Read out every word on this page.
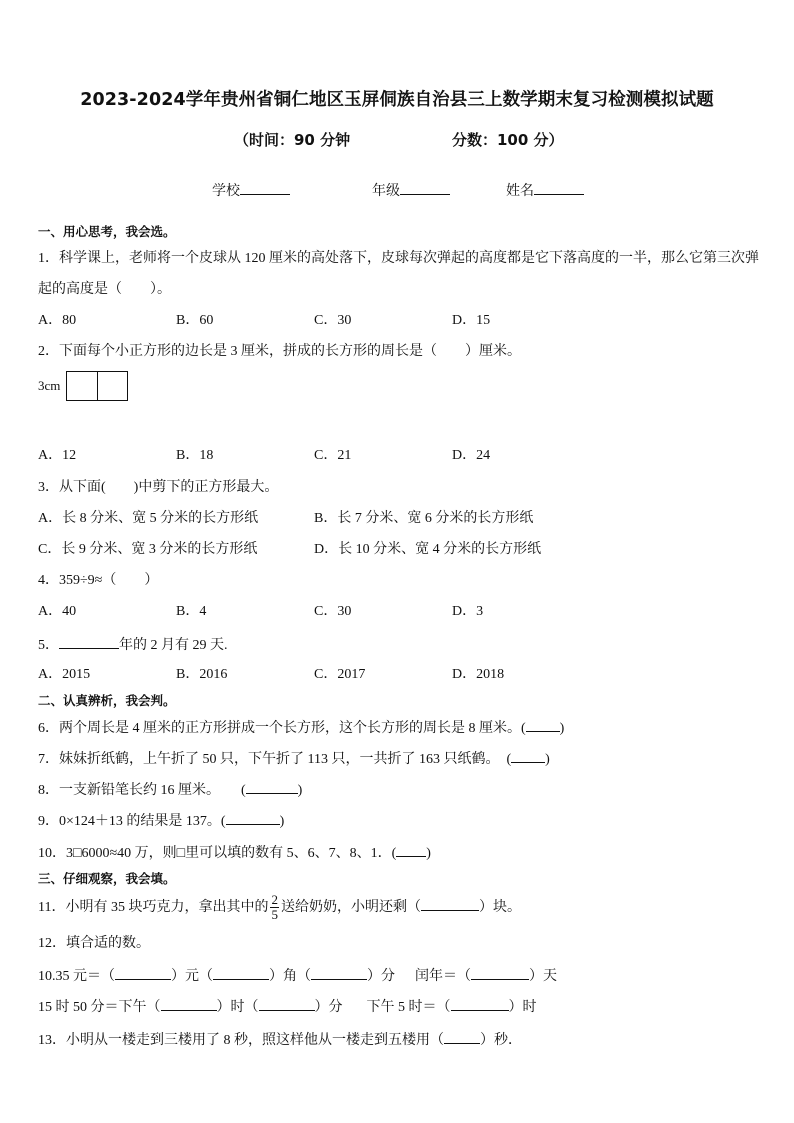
2023-2024学年贵州省铜仁地区玉屏侗族自治县三上数学期末复习检测模拟试题
（时间：90 分钟	分数：100 分）
学校	年级	姓名
一、用心思考，我会选。
1．科学课上，老师将一个皮球从 120 厘米的高处落下，皮球每次弹起的高度都是它下落高度的一半，那么它第三次弹
起的高度是（　　）。
A．80	B．60	C．30	D．15
2．下面每个小正方形的边长是 3 厘米，拼成的长方形的周长是（　　）厘米。
3cm
A．12	B．18	C．21	D．24
3．从下面(　　)中剪下的正方形最大。
A．长 8 分米、宽 5 分米的长方形纸	B．长 7 分米、宽 6 分米的长方形纸
C．长 9 分米、宽 3 分米的长方形纸	D．长 10 分米、宽 4 分米的长方形纸
4．359÷9≈（　　）
A．40	B．4	C．30	D．3
5．	年的 2 月有 29 天.
A．2015	B．2016	C．2017	D．2018
二、认真辨析，我会判。
6．两个周长是 4 厘米的正方形拼成一个长方形，这个长方形的周长是 8 厘米。( )
7．妹妹折纸鹤，上午折了 50 只，下午折了 113 只，一共折了 163 只纸鹤。　( )
8．一支新铅笔长约 16 厘米。　　(	)
9．0×124＋13 的结果是 137。(	)
10．3□6000≈40 万，则□里可以填的数有 5、6、7、8、1．( )
三、仔细观察，我会填。
11．小明有 35 块巧克力，拿出其中的 $\frac{2}{5}$ 送给奶奶，小明还剩（	）块。
12．填合适的数。
10.35 元＝（	）元（	）角（	）分 闰年＝（	）天
15 时 50 分＝下午（	）时（	）分 下午 5 时＝（	）时
13．小明从一楼走到三楼用了 8 秒，照这样他从一楼走到五楼用（	）秒．
